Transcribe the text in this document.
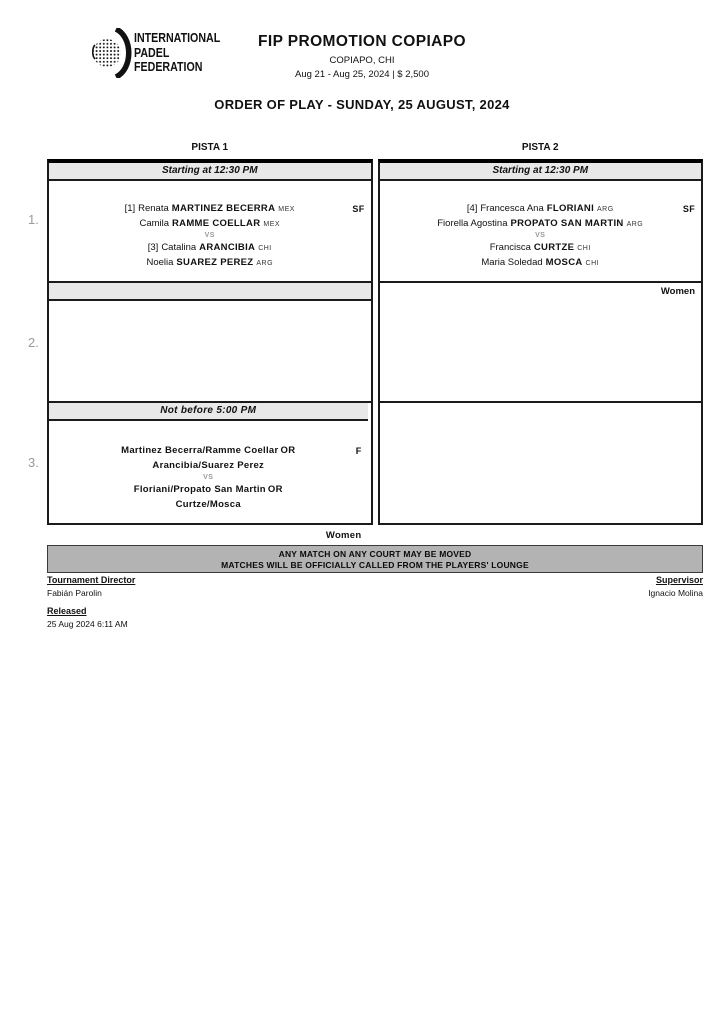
INTERNATIONAL
PADEL
FEDERATION
FIP PROMOTION COPIAPO
COPIAPO, CHI
Aug 21 - Aug 25, 2024 | $ 2,500
ORDER OF PLAY - SUNDAY, 25 AUGUST, 2024
PISTA 1	PISTA 2
1.
2.
3.
Starting at 12:30 PM
SF
[1] Renata MARTINEZ BECERRA MEX
Camila RAMME COELLAR MEX
VS
[3] Catalina ARANCIBIA CHI
Noelia SUAREZ PEREZ ARG
Not before 5:00 PM
F
Martinez Becerra/Ramme Coellar OR
Arancibia/Suarez Perez
VS
Floriani/Propato San Martin OR
Curtze/Mosca
Women
Starting at 12:30 PM
SF
[4] Francesca Ana FLORIANI ARG
Fiorella Agostina PROPATO SAN MARTIN ARG
VS
Francisca CURTZE CHI
Maria Soledad MOSCA CHI
Women
ANY MATCH ON ANY COURT MAY BE MOVED
MATCHES WILL BE OFFICIALLY CALLED FROM THE PLAYERS' LOUNGE
Tournament Director
Fabián Parolin
Released
25 Aug 2024 6:11 AM
Supervisor
Ignacio Molina
